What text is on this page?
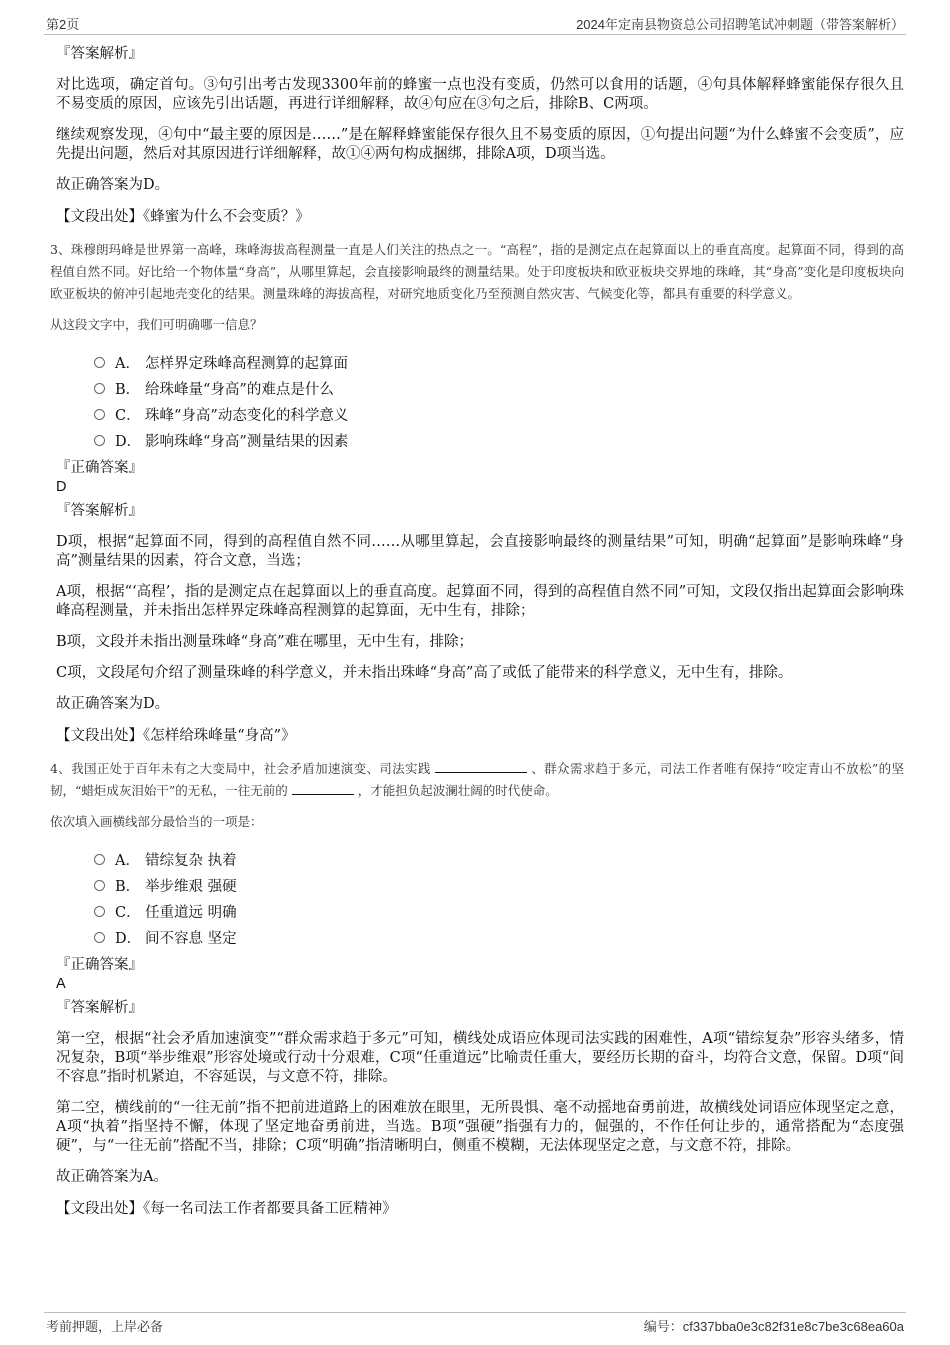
第2页	2024年定南县物资总公司招聘笔试冲刺题（带答案解析）
『答案解析』
对比选项，确定首句。③句引出考古发现3300年前的蜂蜜一点也没有变质，仍然可以食用的话题，④句具体解释蜂蜜能保存很久且不易变质的原因，应该先引出话题，再进行详细解释，故④句应在③句之后，排除B、C两项。
继续观察发现，④句中“最主要的原因是……”是在解释蜂蜜能保存很久且不易变质的原因，①句提出问题“为什么蜂蜜不会变质”，应先提出问题，然后对其原因进行详细解释，故①④两句构成捆绑，排除A项，D项当选。
故正确答案为D。
【文段出处】《蜂蜜为什么不会变质？》
3、珠穆朗玛峰是世界第一高峰，珠峰海拔高程测量一直是人们关注的热点之一。“高程”，指的是测定点在起算面以上的垂直高度。起算面不同，得到的高程值自然不同。好比给一个物体量“身高”，从哪里算起，会直接影响最终的测量结果。处于印度板块和欧亚板块交界地的珠峰，其“身高”变化是印度板块向欧亚板块的俯冲引起地壳变化的结果。测量珠峰的海拔高程，对研究地质变化乃至预测自然灾害、气候变化等，都具有重要的科学意义。
从这段文字中，我们可明确哪一信息？
A． 怎样界定珠峰高程测算的起算面
B． 给珠峰量“身高”的难点是什么
C． 珠峰“身高”动态变化的科学意义
D． 影响珠峰“身高”测量结果的因素
『正确答案』
D
『答案解析』
D项，根据“起算面不同，得到的高程值自然不同……从哪里算起，会直接影响最终的测量结果”可知，明确“起算面”是影响珠峰“身高”测量结果的因素，符合文意，当选；
A项，根据“‘高程’，指的是测定点在起算面以上的垂直高度。起算面不同，得到的高程值自然不同”可知，文段仅指出起算面会影响珠峰高程测量，并未指出怎样界定珠峰高程测算的起算面，无中生有，排除；
B项，文段并未指出测量珠峰“身高”难在哪里，无中生有，排除；
C项，文段尾句介绍了测量珠峰的科学意义，并未指出珠峰“身高”高了或低了能带来的科学意义，无中生有，排除。
故正确答案为D。
【文段出处】《怎样给珠峰量“身高”》
4、我国正处于百年未有之大变局中，社会矛盾加速演变、司法实践	、群众需求趋于多元，司法工作者唯有保持“咬定青山不放松”的坚韧，“蜡炬成灰泪始干”的无私，一往无前的	，才能担负起波澜壮阔的时代使命。
依次填入画横线部分最恰当的一项是：
A． 错综复杂 执着
B． 举步维艰 强硬
C． 任重道远 明确
D． 间不容息 坚定
『正确答案』
A
『答案解析』
第一空，根据“社会矛盾加速演变”“群众需求趋于多元”可知，横线处成语应体现司法实践的困难性，A项“错综复杂”形容头绪多，情况复杂，B项“举步维艰”形容处境或行动十分艰难，C项“任重道远”比喻责任重大，要经历长期的奋斗，均符合文意，保留。D项“间不容息”指时机紧迫，不容延误，与文意不符，排除。
第二空，横线前的“一往无前”指不把前进道路上的困难放在眼里，无所畏惧、毫不动摇地奋勇前进，故横线处词语应体现坚定之意，A项“执着”指坚持不懈，体现了坚定地奋勇前进，当选。B项“强硬”指强有力的，倔强的，不作任何让步的，通常搭配为“态度强硬”，与“一往无前”搭配不当，排除；C项“明确”指清晰明白，侧重不模糊，无法体现坚定之意，与文意不符，排除。
故正确答案为A。
【文段出处】《每一名司法工作者都要具备工匠精神》
考前押题，上岸必备	编号：cf337bba0e3c82f31e8c7be3c68ea60a
